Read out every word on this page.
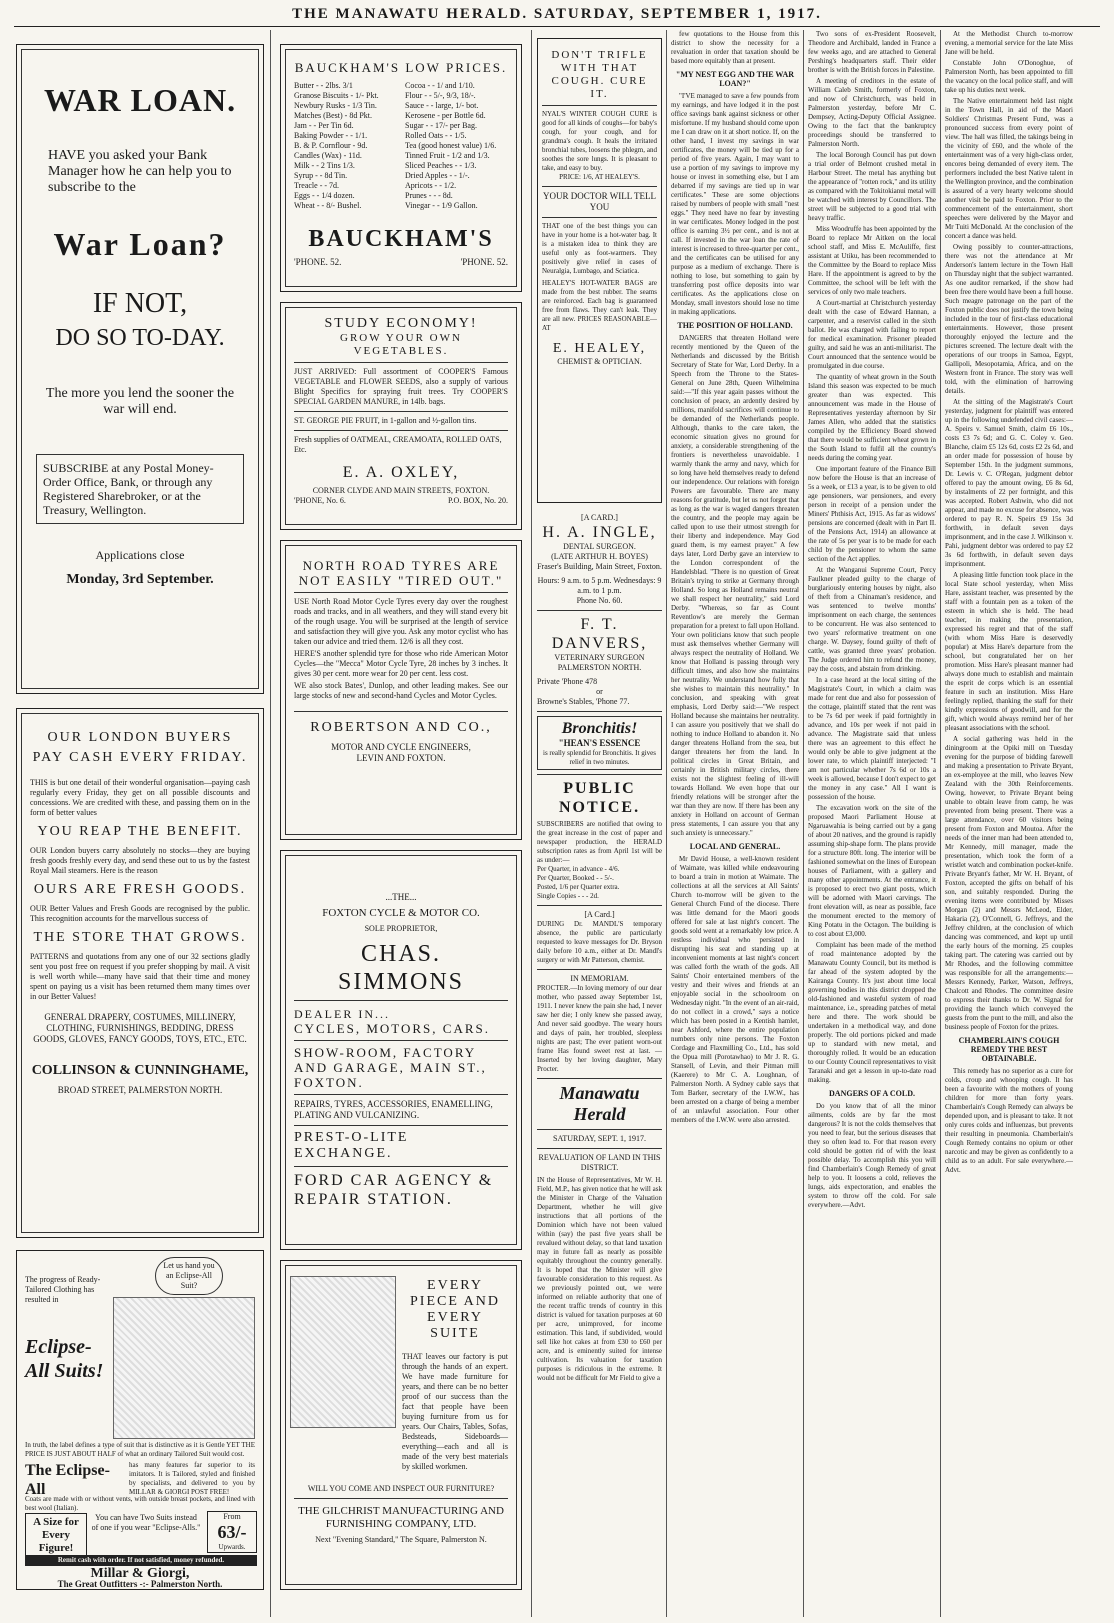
THE MANAWATU HERALD. SATURDAY, SEPTEMBER 1, 1917.
WAR LOAN.
HAVE you asked your Bank Manager how he can help you to subscribe to the
War Loan?
IF NOT,
DO SO TO-DAY.
The more you lend the sooner the war will end.
SUBSCRIBE at any Postal Money-Order Office, Bank, or through any Registered Sharebroker, or at the Treasury, Wellington.
Applications close
Monday, 3rd September.
OUR LONDON BUYERS
PAY CASH EVERY FRIDAY.
THIS is but one detail of their wonderful organisation—paying cash regularly every Friday, they get on all possible discounts and concessions. We are credited with these, and passing them on in the form of better values
YOU REAP THE BENEFIT.
OUR London buyers carry absolutely no stocks—they are buying fresh goods freshly every day, and send these out to us by the fastest Royal Mail steamers. Here is the reason
OURS ARE FRESH GOODS.
OUR Better Values and Fresh Goods are recognised by the public. This recognition accounts for the marvellous success of
THE STORE THAT GROWS.
PATTERNS and quotations from any one of our 32 sections gladly sent you post free on request if you prefer shopping by mail. A visit is well worth while—many have said that their time and money spent on paying us a visit has been returned them many times over in our Better Values!
GENERAL DRAPERY, COSTUMES, MILLINERY, CLOTHING, FURNISHINGS, BEDDING, DRESS GOODS, GLOVES, FANCY GOODS, TOYS, ETC., ETC.
COLLINSON & CUNNINGHAME,
BROAD STREET, PALMERSTON NORTH.
The progress of Ready-Tailored Clothing has resulted in
Eclipse-All Suits!
Let us hand you an Eclipse-All Suit?
In truth, the label defines a type of suit that is distinctive as it is Gentle YET THE PRICE IS JUST ABOUT HALF of what an ordinary Tailored Suit would cost.
The Eclipse-All
has many features far superior to its imitators. It is Tailored, styled and finished by specialists, and delivered to you by MILLAR & GIORGI POST FREE!
Coats are made with or without vents, with outside breast pockets, and lined with best wool (Italian).
A Size for Every Figure!
You can have Two Suits instead of one if you wear "Eclipse-Alls."
From
63/-
Upwards.
Remit cash with order. If not satisfied, money refunded.
Millar & Giorgi,
The Great Outfitters -:- Palmerston North.
BAUCKHAM'S LOW PRICES.
Butter - - 2lbs. 3/1	Cocoa - - 1/ and 1/10.
Granose Biscuits - 1/- Pkt.	Flour - - 5/-, 9/3, 18/-.
Newbury Rusks - 1/3 Tin.	Sauce - - large, 1/- bot.
Matches (Best) - 8d Pkt.	Kerosene - per Bottle 6d.
Jam - - Per Tin 6d.	Sugar - - 17/- per Bag.
Baking Powder - - 1/1.	Rolled Oats - - 1/5.
B. & P. Cornflour - 9d.	Tea (good honest value) 1/6.
Candles (Wax) - 11d.	Tinned Fruit - 1/2 and 1/3.
Milk - - 2 Tins 1/3.	Sliced Peaches - - 1/3.
Syrup - - 8d Tin.	Dried Apples - - 1/-.
Treacle - - 7d.	Apricots - - 1/2.
Eggs - - 1/4 dozen.	Prunes - - - 8d.
Wheat - - 8/- Bushel.	Vinegar - - 1/9 Gallon.
BAUCKHAM'S
'PHONE. 52.	'PHONE. 52.
STUDY ECONOMY!
GROW YOUR OWN VEGETABLES.
JUST ARRIVED: Full assortment of COOPER'S Famous VEGETABLE and FLOWER SEEDS, also a supply of various Blight Specifics for spraying fruit trees. Try COOPER'S SPECIAL GARDEN MANURE, in 14lb. bags.
ST. GEORGE PIE FRUIT, in 1-gallon and ½-gallon tins.
Fresh supplies of OATMEAL, CREAMOATA, ROLLED OATS, Etc.
E. A. OXLEY,
CORNER CLYDE AND MAIN STREETS, FOXTON.
'PHONE, No. 6.	P.O. BOX, No. 20.
NORTH ROAD TYRES ARE
NOT EASILY "TIRED OUT."
USE North Road Motor Cycle Tyres every day over the roughest roads and tracks, and in all weathers, and they will stand every bit of the rough usage. You will be surprised at the length of service and satisfaction they will give you. Ask any motor cyclist who has taken our advice and tried them. 12/6 is all they cost.
HERE'S another splendid tyre for those who ride American Motor Cycles—the "Mecca" Motor Cycle Tyre, 28 inches by 3 inches. It gives 30 per cent. more wear for 20 per cent. less cost.
WE also stock Bates', Dunlop, and other leading makes. See our large stocks of new and second-hand Cycles and Motor Cycles.
ROBERTSON AND CO.,
MOTOR AND CYCLE ENGINEERS,
LEVIN AND FOXTON.
...THE...
FOXTON CYCLE & MOTOR CO.
SOLE PROPRIETOR,
CHAS. SIMMONS
DEALER IN...
CYCLES, MOTORS, CARS.
SHOW-ROOM, FACTORY AND GARAGE, MAIN ST., FOXTON.
REPAIRS, TYRES, ACCESSORIES, ENAMELLING, PLATING AND VULCANIZING.
PREST-O-LITE EXCHANGE.
FORD CAR AGENCY & REPAIR STATION.
EVERY PIECE AND EVERY SUITE
THAT leaves our factory is put through the hands of an expert. We have made furniture for years, and there can be no better proof of our success than the fact that people have been buying furniture from us for years. Our Chairs, Tables, Sofas, Bedsteads, Sideboards—everything—each and all is made of the very best materials by skilled workmen.
WILL YOU COME AND INSPECT OUR FURNITURE?
THE GILCHRIST MANUFACTURING AND FURNISHING COMPANY, LTD.
Next "Evening Standard," The Square, Palmerston N.
DON'T TRIFLE WITH THAT COUGH. CURE IT.
NYAL'S WINTER COUGH CURE is good for all kinds of coughs—for baby's cough, for your cough, and for grandma's cough. It heals the irritated bronchial tubes, loosens the phlegm, and soothes the sore lungs. It is pleasant to take, and easy to buy.
PRICE: 1/6, AT HEALEY'S.
YOUR DOCTOR WILL TELL YOU
THAT one of the best things you can have in your home is a hot-water bag. It is a mistaken idea to think they are useful only as foot-warmers. They positively give relief in cases of Neuralgia, Lumbago, and Sciatica.
HEALEY'S HOT-WATER BAGS are made from the best rubber. The seams are reinforced. Each bag is guaranteed free from flaws. They can't leak. They are all new. PRICES REASONABLE—AT
E. HEALEY,
CHEMIST & OPTICIAN.
[A CARD.]
H. A. INGLE,
DENTAL SURGEON.
(LATE ARTHUR H. BOYES)
Fraser's Building, Main Street, Foxton.
Hours: 9 a.m. to 5 p.m. Wednesdays: 9 a.m. to 1 p.m.
Phone No. 60.
F. T. DANVERS,
VETERINARY SURGEON PALMERSTON NORTH.
Private 'Phone 478
or
Browne's Stables, 'Phone 77.
Bronchitis!
"HEAN'S ESSENCE
is really splendid for Bronchitis. It gives relief in two minutes.
PUBLIC NOTICE.
SUBSCRIBERS are notified that owing to the great increase in the cost of paper and newspaper production, the HERALD subscription rates as from April 1st will be as under:—
Per Quarter, in advance - 4/6.
Per Quarter, Booked - - 5/-.
Posted, 1/6 per Quarter extra.
Single Copies - - - 2d.
[A Card.]
DURING Dr. MANDL'S temporary absence, the public are particularly requested to leave messages for Dr. Bryson daily before 10 a.m., either at Dr. Mandl's surgery or with Mr Patterson, chemist.
IN MEMORIAM.
PROCTER.—In loving memory of our dear mother, who passed away September 1st, 1911. I never knew the pain she had, I never saw her die; I only knew she passed away, And never said goodbye. The weary hours and days of pain, her troubled, sleepless nights are past; The ever patient worn-out frame Has found sweet rest at last. —Inserted by her loving daughter, Mary Procter.
Manawatu Herald
SATURDAY, SEPT. 1, 1917.
REVALUATION OF LAND IN THIS DISTRICT.
IN the House of Representatives, Mr W. H. Field, M.P., has given notice that he will ask the Minister in Charge of the Valuation Department, whether he will give instructions that all portions of the Dominion which have not been valued within (say) the past five years shall be revalued without delay, so that land taxation may in future fall as nearly as possible equitably throughout the country generally. It is hoped that the Minister will give favourable consideration to this request. As we previously pointed out, we were informed on reliable authority that one of the recent traffic trends of country in this district is valued for taxation purposes at 60 per acre, unimproved, for income estimation. This land, if subdivided, would sell like hot cakes at from £30 to £60 per acre, and is eminently suited for intense cultivation. Its valuation for taxation purposes is ridiculous in the extreme. It would not be difficult for Mr Field to give a
few quotations to the House from this district to show the necessity for a revaluation in order that taxation should be based more equitably than at present.
"MY NEST EGG AND THE WAR LOAN?"
"I'VE managed to save a few pounds from my earnings, and have lodged it in the post office savings bank against sickness or other misfortune. If my husband should come upon me I can draw on it at short notice. If, on the other hand, I invest my savings in war certificates, the money will be tied up for a period of five years. Again, I may want to use a portion of my savings to improve my house or invest in something else, but I am debarred if my savings are tied up in war certificates." These are some objections raised by numbers of people with small "nest eggs." They need have no fear by investing in war certificates. Money lodged in the post office is earning 3½ per cent., and is not at call. If invested in the war loan the rate of interest is increased to three-quarter per cent., and the certificates can be utilised for any purpose as a medium of exchange. There is nothing to lose, but something to gain by transferring post office deposits into war certificates. As the applications close on Monday, small investors should lose no time in making applications.
THE POSITION OF HOLLAND.
DANGERS that threaten Holland were recently mentioned by the Queen of the Netherlands and discussed by the British Secretary of State for War, Lord Derby. In a Speech from the Throne to the States-General on June 28th, Queen Wilhelmina said:—"If this year again passes without the conclusion of peace, an ardently desired by millions, manifold sacrifices will continue to be demanded of the Netherlands people. Although, thanks to the care taken, the economic situation gives no ground for anxiety, a considerable strengthening of the frontiers is nevertheless unavoidable. I warmly thank the army and navy, which for so long have held themselves ready to defend our independence. Our relations with foreign Powers are favourable. There are many reasons for gratitude, but let us not forget that as long as the war is waged dangers threaten the country, and the people may again be called upon to use their utmost strength for their liberty and independence. May God guard them, is my earnest prayer." A few days later, Lord Derby gave an interview to the London correspondent of the Handelsblad. "There is no question of Great Britain's trying to strike at Germany through Holland. So long as Holland remains neutral we shall respect her neutrality," said Lord Derby. "Whereas, so far as Count Reventlow's are merely the German preparation for a pretext to fall upon Holland. Your own politicians know that such people must ask themselves whether Germany will always respect the neutrality of Holland. We know that Holland is passing through very difficult times, and also how she maintains her neutrality. We understand how fully that she wishes to maintain this neutrality." In conclusion, and speaking with great emphasis, Lord Derby said:—"We respect Holland because she maintains her neutrality. I can assure you positively that we shall do nothing to induce Holland to abandon it. No danger threatens Holland from the sea, but danger threatens her from the land. In political circles in Great Britain, and certainly in British military circles, there exists not the slightest feeling of ill-will towards Holland. We even hope that our friendly relations will be stronger after the war than they are now. If there has been any anxiety in Holland on account of German press statements, I can assure you that any such anxiety is unnecessary."
LOCAL AND GENERAL.
Mr David House, a well-known resident of Waimate, was killed while endeavouring to board a train in motion at Waimate. The collections at all the services at All Saints' Church to-morrow will be given to the General Church Fund of the diocese. There was little demand for the Maori goods offered for sale at last night's concert. The goods sold went at a remarkably low price. A restless individual who persisted in disrupting his seat and standing up at inconvenient moments at last night's concert was called forth the wrath of the gods. All Saints' Choir entertained members of the vestry and their wives and friends at an enjoyable social in the schoolroom on Wednesday night. "In the event of an air-raid, do not collect in a crowd," says a notice which has been posted in a Kentish hamlet, near Ashford, where the entire population numbers only nine persons. The Foxton Cordage and Flaxmilling Co., Ltd., has sold the Opua mill (Porotawhao) to Mr J. R. G. Stansell, of Levin, and their Pitman mill (Kaerere) to Mr C. A. Loughnan, of Palmerston North. A Sydney cable says that Tom Barker, secretary of the I.W.W., has been arrested on a charge of being a member of an unlawful association. Four other members of the I.W.W. were also arrested.
Two sons of ex-President Roosevelt, Theodore and Archibald, landed in France a few weeks ago, and are attached to General Pershing's headquarters staff. Their elder brother is with the British forces in Palestine.
A meeting of creditors in the estate of William Caleb Smith, formerly of Foxton, and now of Christchurch, was held in Palmerston yesterday, before Mr C. Dempsey, Acting-Deputy Official Assignee. Owing to the fact that the bankruptcy proceedings should be transferred to Palmerston North.
The local Borough Council has put down a trial order of Belmont crushed metal in Harbour Street. The metal has anything but the appearance of "rotten rock," and its utility as compared with the Tokitokianui metal will be watched with interest by Councillors. The street will be subjected to a good trial with heavy traffic.
Miss Woodruffe has been appointed by the Board to replace Mr Aitken on the local school staff, and Miss E. McAuliffe, first assistant at Utiku, has been recommended to the Committee by the Board to replace Miss Hare. If the appointment is agreed to by the Committee, the school will be left with the services of only two male teachers.
A Court-martial at Christchurch yesterday dealt with the case of Edward Hannan, a carpenter, and a reservist called in the sixth ballot. He was charged with failing to report for medical examination. Prisoner pleaded guilty, and said he was an anti-militarist. The Court announced that the sentence would be promulgated in due course.
The quantity of wheat grown in the South Island this season was expected to be much greater than was expected. This announcement was made in the House of Representatives yesterday afternoon by Sir James Allen, who added that the statistics compiled by the Efficiency Board showed that there would be sufficient wheat grown in the South Island to fulfil all the country's needs during the coming year.
One important feature of the Finance Bill now before the House is that an increase of 5s a week, or £13 a year, is to be given to old age pensioners, war pensioners, and every person in receipt of a pension under the Miners' Phthisis Act, 1915. As far as widows' pensions are concerned (dealt with in Part II. of the Pensions Act, 1914) an allowance at the rate of 5s per year is to be made for each child by the pensioner to whom the same section of the Act applies.
At the Wanganui Supreme Court, Percy Faulkner pleaded guilty to the charge of burglariously entering houses by night, also of theft from a Chinaman's residence, and was sentenced to twelve months' imprisonment on each charge, the sentences to be concurrent. He was also sentenced to two years' reformative treatment on one charge. W. Daysey, found guilty of theft of cattle, was granted three years' probation. The Judge ordered him to refund the money, pay the costs, and abstain from drinking.
In a case heard at the local sitting of the Magistrate's Court, in which a claim was made for rent due and also for possession of the cottage, plaintiff stated that the rent was to be 7s 6d per week if paid fortnightly in advance, and 10s per week if not paid in advance. The Magistrate said that unless there was an agreement to this effect he would only be able to give judgment at the lower rate, to which plaintiff interjected: "I am not particular whether 7s 6d or 10s a week is allowed, because I don't expect to get the money in any case." All I want is possession of the house.
The excavation work on the site of the proposed Maori Parliament House at Ngaruawahia is being carried out by a gang of about 20 natives, and the ground is rapidly assuming ship-shape form. The plans provide for a structure 80ft. long. The interior will be fashioned somewhat on the lines of European houses of Parliament, with a gallery and many other appointments. At the entrance, it is proposed to erect two giant posts, which will be adorned with Maori carvings. The front elevation will, as near as possible, face the monument erected to the memory of King Potatu in the Octagon. The building is to cost about £3,000.
Complaint has been made of the method of road maintenance adopted by the Manawatu County Council, but its method is far ahead of the system adopted by the Kairanga County. It's just about time local governing bodies in this district dropped the old-fashioned and wasteful system of road maintenance, i.e., spreading patches of metal here and there. The work should be undertaken in a methodical way, and done properly. The old portions picked and made up to standard with new metal, and thoroughly rolled. It would be an education to our County Council representatives to visit Taranaki and get a lesson in up-to-date road making.
DANGERS OF A COLD.
Do you know that of all the minor ailments, colds are by far the most dangerous? It is not the colds themselves that you need to fear, but the serious diseases that they so often lead to. For that reason every cold should be gotten rid of with the least possible delay. To accomplish this you will find Chamberlain's Cough Remedy of great help to you. It loosens a cold, relieves the lungs, aids expectoration, and enables the system to throw off the cold. For sale everywhere.—Advt.
At the Methodist Church to-morrow evening, a memorial service for the late Miss Jane will be held.
Constable John O'Donoghue, of Palmerston North, has been appointed to fill the vacancy on the local police staff, and will take up his duties next week.
The Native entertainment held last night in the Town Hall, in aid of the Maori Soldiers' Christmas Present Fund, was a pronounced success from every point of view. The hall was filled, the takings being in the vicinity of £60, and the whole of the entertainment was of a very high-class order, encores being demanded of every item. The performers included the best Native talent in the Wellington province, and the combination is assured of a very hearty welcome should another visit be paid to Foxton. Prior to the commencement of the entertainment, short speeches were delivered by the Mayor and Mr Tuiti McDonald. At the conclusion of the concert a dance was held.
Owing possibly to counter-attractions, there was not the attendance at Mr Anderson's lantern lecture in the Town Hall on Thursday night that the subject warranted. As one auditor remarked, if the show had been free there would have been a full house. Such meagre patronage on the part of the Foxton public does not justify the town being included in the tour of first-class educational entertainments. However, those present thoroughly enjoyed the lecture and the pictures screened. The lecture dealt with the operations of our troops in Samoa, Egypt, Gallipoli, Mesopotamia, Africa, and on the Western front in France. The story was well told, with the elimination of harrowing details.
At the sitting of the Magistrate's Court yesterday, judgment for plaintiff was entered up in the following undefended civil cases:—A. Speirs v. Samuel Smith, claim £6 10s., costs £3 7s 6d; and G. C. Coley v. Geo. Blanche, claim £5 12s 6d, costs £2 2s 6d, and an order made for possession of house by September 15th. In the judgment summons, Dr. Lewis v. C. O'Regan, judgment debtor offered to pay the amount owing, £6 8s 6d, by instalments of 22 per fortnight, and this was accepted. Robert Ashwin, who did not appear, and made no excuse for absence, was ordered to pay R. N. Speirs £9 15s 3d forthwith, in default seven days imprisonment, and in the case J. Wilkinson v. Pahi, judgment debtor was ordered to pay £2 3s 6d forthwith, in default seven days imprisonment.
A pleasing little function took place in the local State school yesterday, when Miss Hare, assistant teacher, was presented by the staff with a fountain pen as a token of the esteem in which she is held. The head teacher, in making the presentation, expressed his regret and that of the staff (with whom Miss Hare is deservedly popular) at Miss Hare's departure from the school, but congratulated her on her promotion. Miss Hare's pleasant manner had always done much to establish and maintain the esprit de corps which is an essential feature in such an institution. Miss Hare feelingly replied, thanking the staff for their kindly expressions of goodwill, and for the gift, which would always remind her of her pleasant associations with the school.
A social gathering was held in the diningroom at the Opiki mill on Tuesday evening for the purpose of bidding farewell and making a presentation to Private Bryant, an ex-employee at the mill, who leaves New Zealand with the 30th Reinforcements. Owing, however, to Private Bryant being unable to obtain leave from camp, he was prevented from being present. There was a large attendance, over 60 visitors being present from Foxton and Moutoa. After the needs of the inner man had been attended to, Mr Kennedy, mill manager, made the presentation, which took the form of a wristlet watch and combination pocket-knife. Private Bryant's father, Mr W. H. Bryant, of Foxton, accepted the gifts on behalf of his son, and suitably responded. During the evening items were contributed by Misses Morgan (2) and Messrs McLeod, Elder, Hakaria (2), O'Connell, G. Jeffreys, and the Jeffrey children, at the conclusion of which dancing was commenced, and kept up until the early hours of the morning. 25 couples taking part. The catering was carried out by Mr Rhodes, and the following committee was responsible for all the arrangements:—Messrs Kennedy, Parker, Watson, Jeffreys, Chalcott and Rhodes. The committee desire to express their thanks to Dr. W. Signal for providing the launch which conveyed the guests from the punt to the mill, and also the business people of Foxton for the prizes.
CHAMBERLAIN'S COUGH REMEDY THE BEST OBTAINABLE.
This remedy has no superior as a cure for colds, croup and whooping cough. It has been a favourite with the mothers of young children for more than forty years. Chamberlain's Cough Remedy can always be depended upon, and is pleasant to take. It not only cures colds and influenzas, but prevents their resulting in pneumonia. Chamberlain's Cough Remedy contains no opium or other narcotic and may be given as confidently to a child as to an adult. For sale everywhere.—Advt.
